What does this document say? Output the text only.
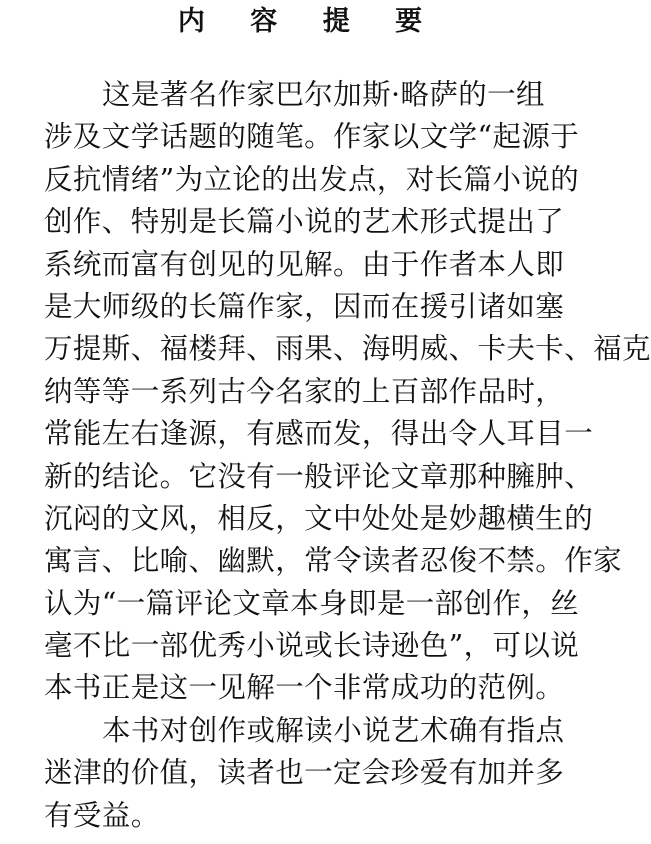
内 容 提 要
这是著名作家巴尔加斯·略萨的一组
涉及文学话题的随笔。作家以文学“起源于
反抗情绪”为立论的出发点，对长篇小说的
创作、特别是长篇小说的艺术形式提出了
系统而富有创见的见解。由于作者本人即
是大师级的长篇作家，因而在援引诸如塞
万提斯、福楼拜、雨果、海明威、卡夫卡、福克
纳等等一系列古今名家的上百部作品时，
常能左右逢源，有感而发，得出令人耳目一
新的结论。它没有一般评论文章那种臃肿、
沉闷的文风，相反，文中处处是妙趣横生的
寓言、比喻、幽默，常令读者忍俊不禁。作家
认为“一篇评论文章本身即是一部创作，丝
毫不比一部优秀小说或长诗逊色”，可以说
本书正是这一见解一个非常成功的范例。
本书对创作或解读小说艺术确有指点
迷津的价值，读者也一定会珍爱有加并多
有受益。
